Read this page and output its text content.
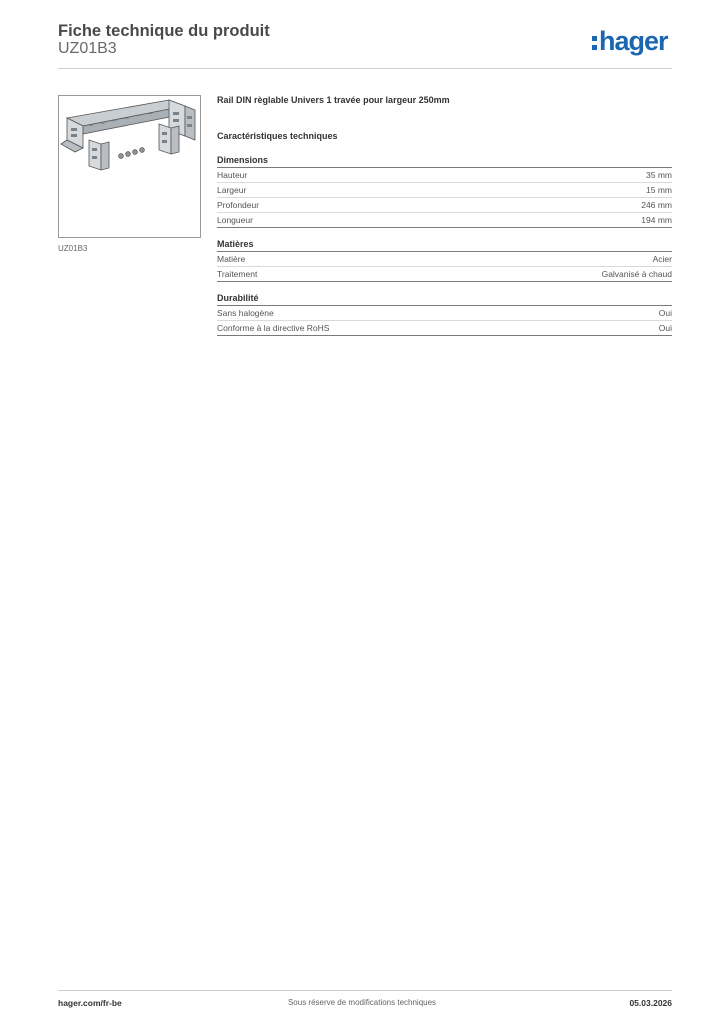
Fiche technique du produit
UZ01B3	hager
UZ01B3

Rail DIN règlable Univers 1 travée pour largeur 250mm

Caractéristiques techniques

Dimensions
Hauteur	35 mm
Largeur	15 mm
Profondeur	246 mm
Longueur	194 mm
Matières
Matière	Acier
Traitement	Galvanisé à chaud
Durabilité
Sans halogène	Oui
Conforme à la directive RoHS	Oui
Sous réserve de modifications techniques
hager.com/fr-be	05.03.2026
